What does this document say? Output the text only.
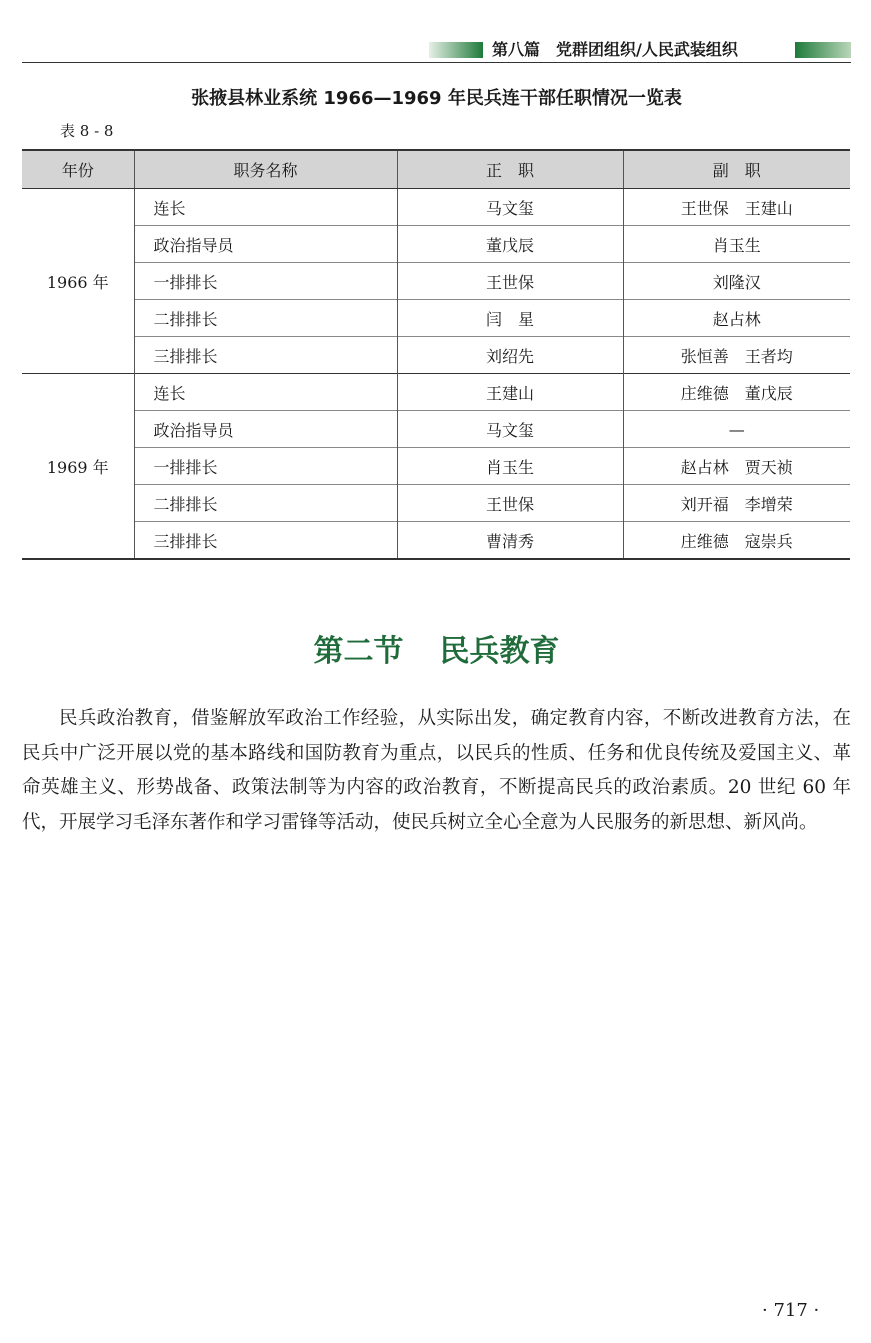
第八篇　党群团组织/人民武装组织
张掖县林业系统 1966—1969 年民兵连干部任职情况一览表
表 8 - 8
年份	职务名称	正　职	副　职
1966 年	连长	马文玺	王世保　王建山
	政治指导员	董戊辰	肖玉生
	一排排长	王世保	刘隆汉
	二排排长	闫　星	赵占林
	三排排长	刘绍先	张恒善　王者均
1969 年	连长	王建山	庄维德　董戊辰
	政治指导员	马文玺	—
	一排排长	肖玉生	赵占林　贾天祯
	二排排长	王世保	刘开福　李增荣
	三排排长	曹清秀	庄维德　寇崇兵
第二节 民兵教育

民兵政治教育，借鉴解放军政治工作经验，从实际出发，确定教育内容，不断改进教育方法，在民兵中广泛开展以党的基本路线和国防教育为重点，以民兵的性质、任务和优良传统及爱国主义、革命英雄主义、形势战备、政策法制等为内容的政治教育，不断提高民兵的政治素质。20 世纪 60 年代，开展学习毛泽东著作和学习雷锋等活动，使民兵树立全心全意为人民服务的新思想、新风尚。

· 717 ·
